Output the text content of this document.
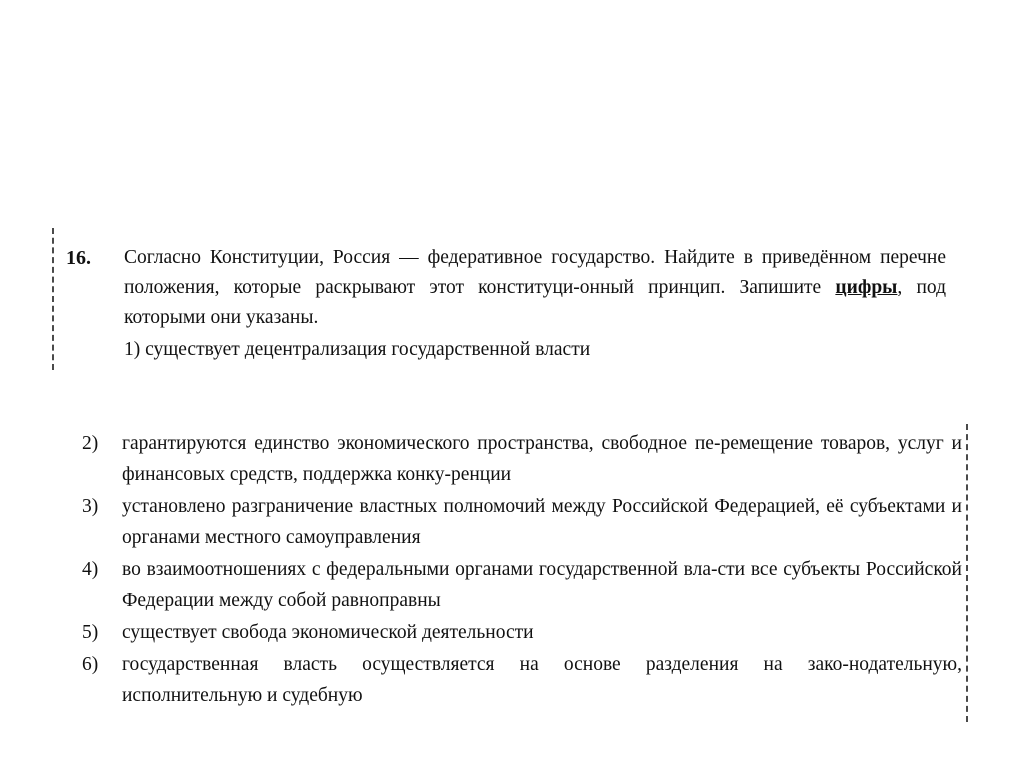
16.	Согласно Конституции, Россия — федеративное государство. Найдите в приведённом перечне положения, которые раскрывают этот конституци-онный принцип. Запишите цифры, под которыми они указаны.
1) существует децентрализация государственной власти
2)	гарантируются единство экономического пространства, свободное пе-ремещение товаров, услуг и финансовых средств, поддержка конку-ренции
3)	установлено разграничение властных полномочий между Российской Федерацией, её субъектами и органами местного самоуправления
4)	во взаимоотношениях с федеральными органами государственной вла-сти все субъекты Российской Федерации между собой равноправны
5)	существует свобода экономической деятельности
6)	государственная власть осуществляется на основе разделения на зако-нодательную, исполнительную и судебную
